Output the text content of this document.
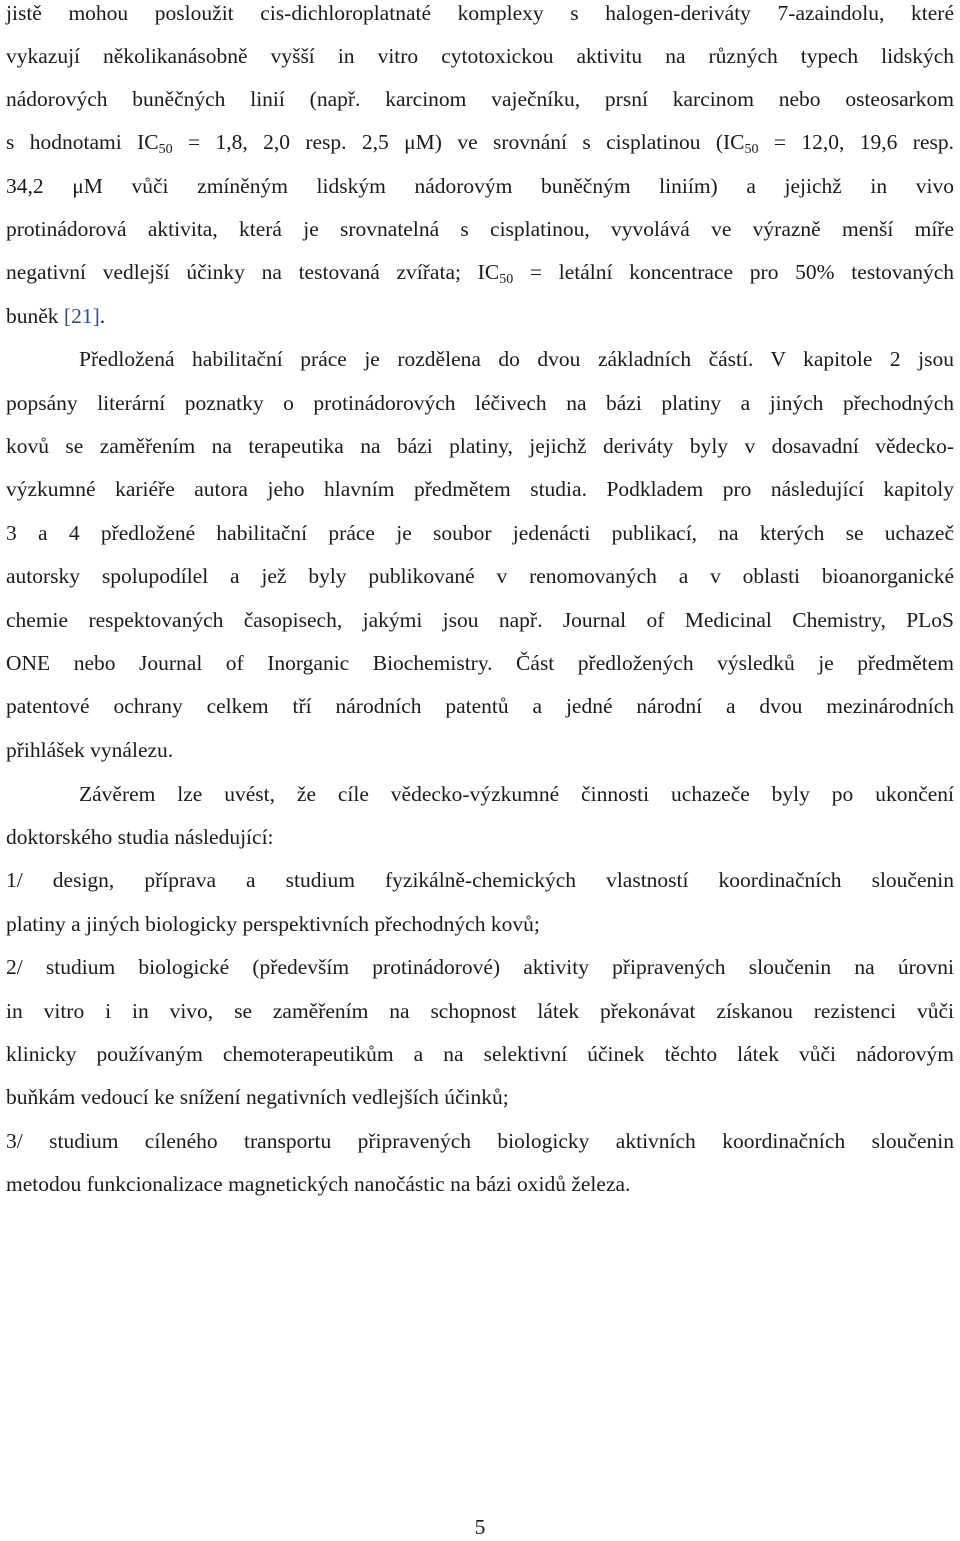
jistě mohou posloužit cis-dichloroplatnaté komplexy s halogen-deriváty 7-azaindolu, které
vykazují několikanásobně vyšší in vitro cytotoxickou aktivitu na různých typech lidských
nádorových buněčných linií (např. karcinom vaječníku, prsní karcinom nebo osteosarkom
s hodnotami $IC_{50} = 1,8$, 2,0 resp. 2,5 μM) ve srovnání s cisplatinou ($IC_{50} = 12,0$, 19,6 resp.
34,2 μM vůči zmíněným lidským nádorovým buněčným liniím) a jejichž in vivo
protinádorová aktivita, která je srovnatelná s cisplatinou, vyvolává ve výrazně menší míře
negativní vedlejší účinky na testovaná zvířata; $IC_{50}$ = letální koncentrace pro 50% testovaných
buněk [21].
Předložená habilitační práce je rozdělena do dvou základních částí. V kapitole 2 jsou
popsány literární poznatky o protinádorových léčivech na bázi platiny a jiných přechodných
kovů se zaměřením na terapeutika na bázi platiny, jejichž deriváty byly v dosavadní vědecko-
výzkumné kariéře autora jeho hlavním předmětem studia. Podkladem pro následující kapitoly
3 a 4 předložené habilitační práce je soubor jedenácti publikací, na kterých se uchazeč
autorsky spolupodílel a jež byly publikované v renomovaných a v oblasti bioanorganické
chemie respektovaných časopisech, jakými jsou např. Journal of Medicinal Chemistry, PLoS
ONE nebo Journal of Inorganic Biochemistry. Část předložených výsledků je předmětem
patentové ochrany celkem tří národních patentů a jedné národní a dvou mezinárodních
přihlášek vynálezu.
Závěrem lze uvést, že cíle vědecko-výzkumné činnosti uchazeče byly po ukončení
doktorského studia následující:
1/ design, příprava a studium fyzikálně-chemických vlastností koordinačních sloučenin
platiny a jiných biologicky perspektivních přechodných kovů;
2/ studium biologické (především protinádorové) aktivity připravených sloučenin na úrovni
in vitro i in vivo, se zaměřením na schopnost látek překonávat získanou rezistenci vůči
klinicky používaným chemoterapeutikům a na selektivní účinek těchto látek vůči nádorovým
buňkám vedoucí ke snížení negativních vedlejších účinků;
3/ studium cíleného transportu připravených biologicky aktivních koordinačních sloučenin
metodou funkcionalizace magnetických nanočástic na bázi oxidů železa.
5
